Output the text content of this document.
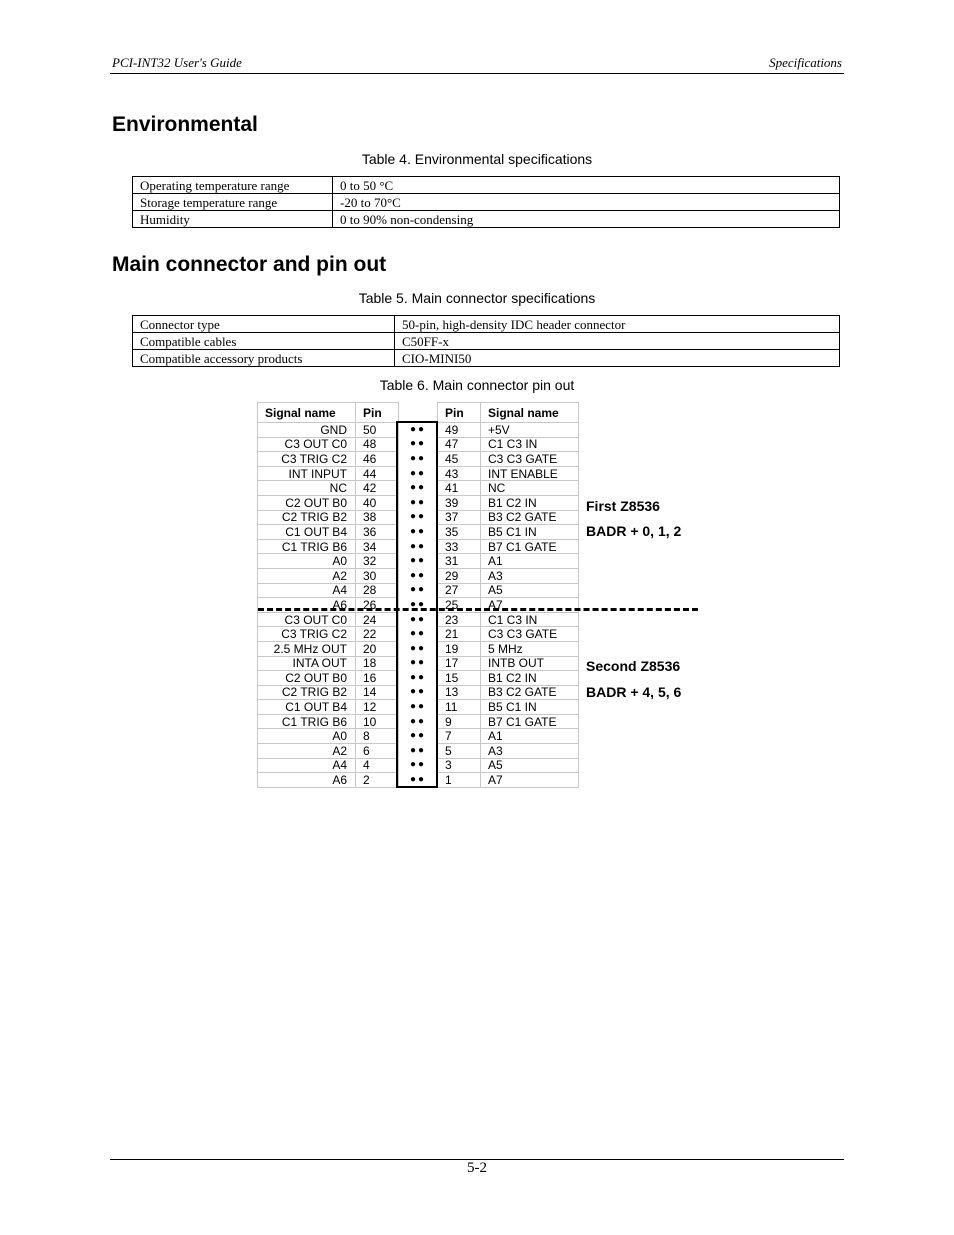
PCI-INT32 User's Guide	Specifications
Environmental
Table 4. Environmental specifications
Operating temperature range	0 to 50 °C
Storage temperature range	-20 to 70°C
Humidity	0 to 90% non-condensing
Main connector and pin out
Table 5. Main connector specifications
Connector type	50-pin, high-density IDC header connector
Compatible cables	C50FF-x
Compatible accessory products	CIO-MINI50
Table 6. Main connector pin out
Signal name	Pin		Pin	Signal name
GND	50	●●	49	+5V
C3 OUT C0	48	●●	47	C1 C3 IN
C3 TRIG C2	46	●●	45	C3 C3 GATE
INT INPUT	44	●●	43	INT ENABLE
NC	42	●●	41	NC
C2 OUT B0	40	●●	39	B1 C2 IN
C2 TRIG B2	38	●●	37	B3 C2 GATE
C1 OUT B4	36	●●	35	B5 C1 IN
C1 TRIG B6	34	●●	33	B7 C1 GATE
A0	32	●●	31	A1
A2	30	●●	29	A3
A4	28	●●	27	A5
A6	26	●●	25	A7
C3 OUT C0	24	●●	23	C1 C3 IN
C3 TRIG C2	22	●●	21	C3 C3 GATE
2.5 MHz OUT	20	●●	19	5 MHz
INTA OUT	18	●●	17	INTB OUT
C2 OUT B0	16	●●	15	B1 C2 IN
C2 TRIG B2	14	●●	13	B3 C2 GATE
C1 OUT B4	12	●●	11	B5 C1 IN
C1 TRIG B6	10	●●	9	B7 C1 GATE
A0	8	●●	7	A1
A2	6	●●	5	A3
A4	4	●●	3	A5
A6	2	●●	1	A7
First Z8536
BADR + 0, 1, 2
Second Z8536
BADR + 4, 5, 6
5-2
